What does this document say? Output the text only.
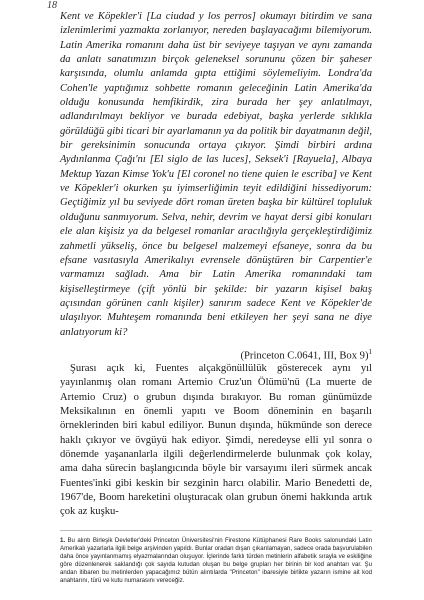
18

Kent ve Köpekler'i [La ciudad y los perros] okumayı bitirdim ve sana izlenimlerimi yazmakta zorlanıyor, nereden başlayacağımı bilemiyorum. Latin Amerika romanını daha üst bir seviyeye taşıyan ve aynı zamanda da anlatı sanatımızın birçok geleneksel sorununu çözen bir şaheser karşısında, olumlu anlamda gıpta ettiğimi söylemeliyim. Londra'da Cohen'le yaptığımız sohbette romanın geleceğinin Latin Amerika'da olduğu konusunda hemfikirdik, zira burada her şey anlatılmayı, adlandırılmayı bekliyor ve burada edebiyat, başka yerlerde sıklıkla görüldüğü gibi ticari bir ayarlamanın ya da politik bir dayatmanın değil, bir gereksinimin sonucunda ortaya çıkıyor. Şimdi birbiri ardına Aydınlanma Çağı'nı [El siglo de las luces], Seksek'i [Rayuela], Albaya Mektup Yazan Kimse Yok'u [El coronel no tiene quien le escriba] ve Kent ve Köpekler'i okurken şu iyimserliğimin teyit edildiğini hissediyorum: Geçtiğimiz yıl bu seviyede dört roman üreten başka bir kültürel topluluk olduğunu sanmıyorum. Selva, nehir, devrim ve hayat dersi gibi konuları ele alan kişisiz ya da belgesel romanlar aracılığıyla gerçekleştirdiğimiz zahmetli yükseliş, önce bu belgesel malzemeyi efsaneye, sonra da bu efsane vasıtasıyla Amerikalıyı evrensele dönüştüren bir Carpentier'e varmamızı sağladı. Ama bir Latin Amerika romanındaki tam kişiselleştirmeye (çift yönlü bir şekilde: bir yazarın kişisel bakış açısından görünen canlı kişiler) sanırım sadece Kent ve Köpekler'de ulaşılıyor. Muhteşem romanında beni etkileyen her şeyi sana ne diye anlatıyorum ki?

(Princeton C.0641, III, Box 9)$^1$

Şurası açık ki, Fuentes alçakgönüllülük gösterecek aynı yıl yayınlanmış olan romanı Artemio Cruz'un Ölümü'nü (La muerte de Artemio Cruz) o grubun dışında bırakıyor. Bu roman günümüzde Meksikalının en önemli yapıtı ve Boom döneminin en başarılı örneklerinden biri kabul ediliyor. Bunun dışında, hükmünde son derece haklı çıkıyor ve övgüyü hak ediyor. Şimdi, neredeyse elli yıl sonra o dönemde yaşananlarla ilgili değerlendirmelerde bulunmak çok kolay, ama daha sürecin başlangıcında böyle bir varsayımı ileri sürmek ancak Fuentes'inki gibi keskin bir sezginin harcı olabilir. Mario Benedetti de, 1967'de, Boom hareketini oluşturacak olan grubun önemi hakkında artık çok az kuşku-

1. Bu alıntı Birleşik Devletler'deki Princeton Üniversitesi'nin Firestone Kütüphanesi Rare Books salonundaki Latin Amerikalı yazarlarla ilgili belge arşivinden yapıldı. Bunlar oradan dışarı çıkarılamayan, sadece orada başvurulabilen daha önce yayınlanmamış elyazmalarından oluşuyor. İçlerinde farklı türden metinlerin alfabetik sırayla ve eskiliğine göre düzenlenerek saklandığı çok sayıda kutudan oluşan bu belge grupları her birinin bir kod anahtarı var. Şu andan itibaren bu metinlerden yapacağımız bütün alıntılarda "Princeton" ibaresiyle birlikte yazarın ismine ait kod anahtarını, türü ve kutu numarasını vereceğiz.
